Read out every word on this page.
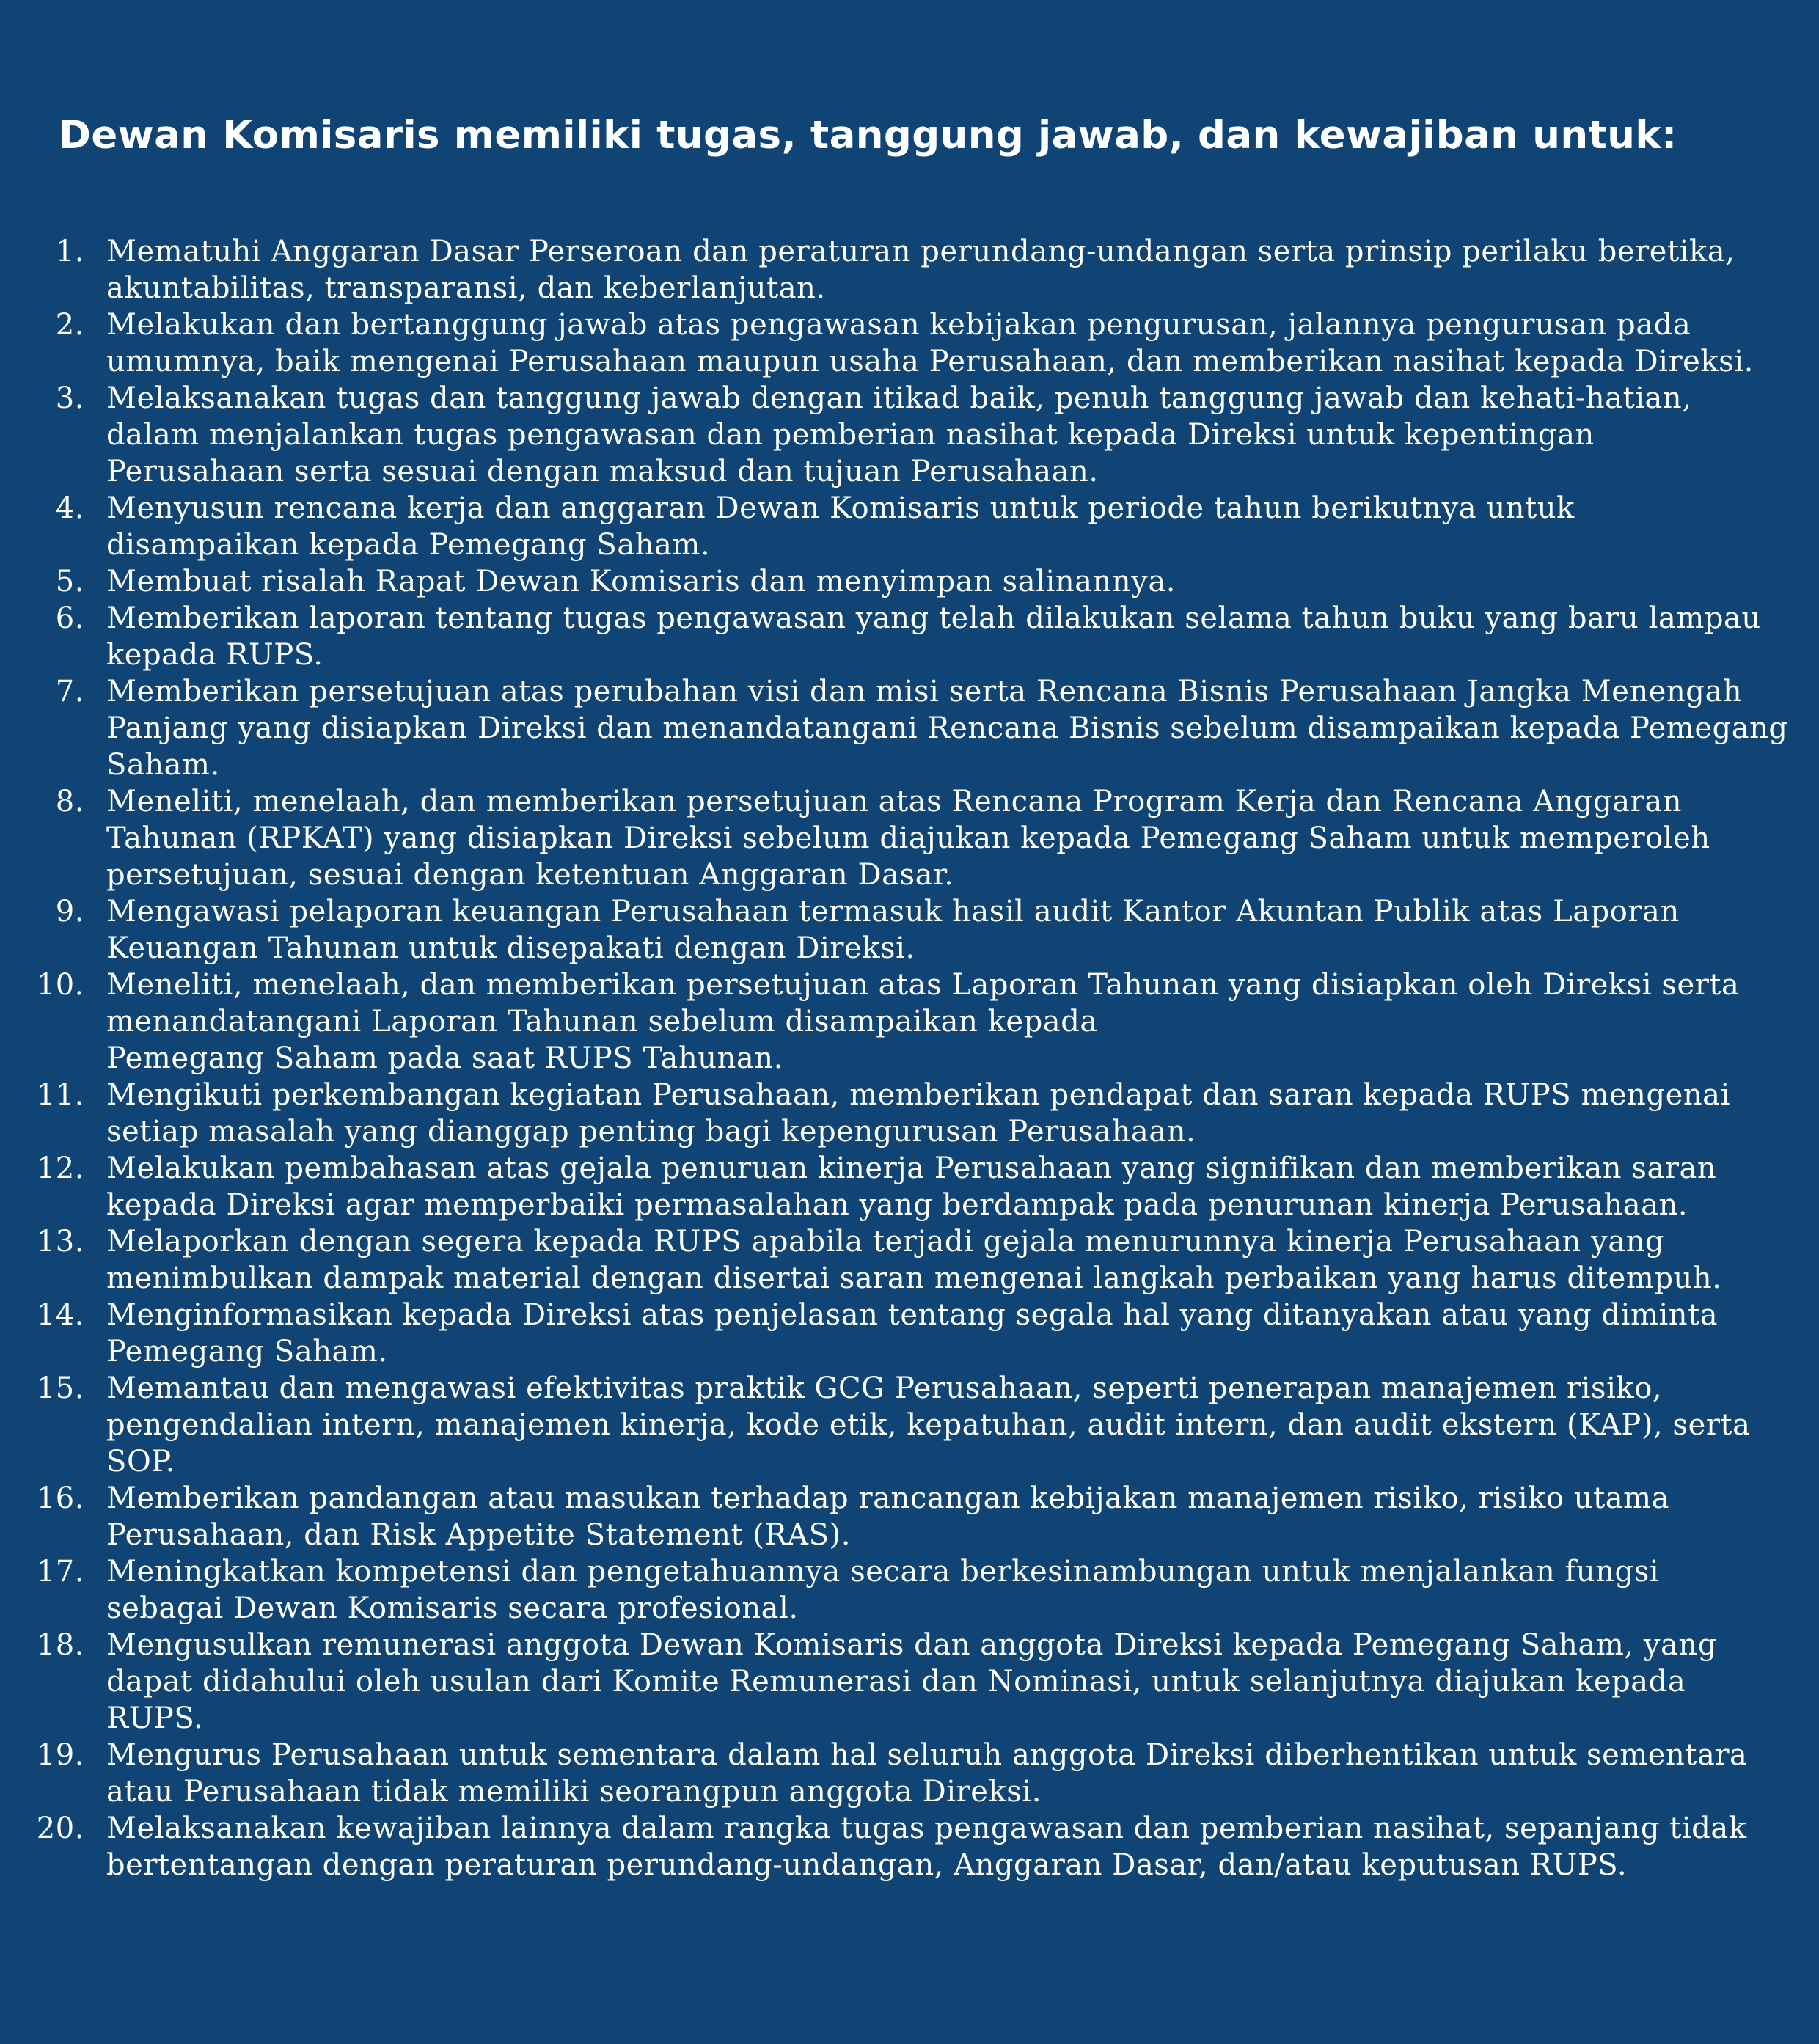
Dewan Komisaris memiliki tugas, tanggung jawab, dan kewajiban untuk:
1. Mematuhi Anggaran Dasar Perseroan dan peraturan perundang-undangan serta prinsip perilaku beretika,
akuntabilitas, transparansi, dan keberlanjutan.
2. Melakukan dan bertanggung jawab atas pengawasan kebijakan pengurusan, jalannya pengurusan pada
umumnya, baik mengenai Perusahaan maupun usaha Perusahaan, dan memberikan nasihat kepada Direksi.
3. Melaksanakan tugas dan tanggung jawab dengan itikad baik, penuh tanggung jawab dan kehati-hatian,
dalam menjalankan tugas pengawasan dan pemberian nasihat kepada Direksi untuk kepentingan
Perusahaan serta sesuai dengan maksud dan tujuan Perusahaan.
4. Menyusun rencana kerja dan anggaran Dewan Komisaris untuk periode tahun berikutnya untuk
disampaikan kepada Pemegang Saham.
5. Membuat risalah Rapat Dewan Komisaris dan menyimpan salinannya.
6. Memberikan laporan tentang tugas pengawasan yang telah dilakukan selama tahun buku yang baru lampau
kepada RUPS.
7. Memberikan persetujuan atas perubahan visi dan misi serta Rencana Bisnis Perusahaan Jangka Menengah
Panjang yang disiapkan Direksi dan menandatangani Rencana Bisnis sebelum disampaikan kepada Pemegang
Saham.
8. Meneliti, menelaah, dan memberikan persetujuan atas Rencana Program Kerja dan Rencana Anggaran
Tahunan (RPKAT) yang disiapkan Direksi sebelum diajukan kepada Pemegang Saham untuk memperoleh
persetujuan, sesuai dengan ketentuan Anggaran Dasar.
9. Mengawasi pelaporan keuangan Perusahaan termasuk hasil audit Kantor Akuntan Publik atas Laporan
Keuangan Tahunan untuk disepakati dengan Direksi.
10. Meneliti, menelaah, dan memberikan persetujuan atas Laporan Tahunan yang disiapkan oleh Direksi serta
menandatangani Laporan Tahunan sebelum disampaikan kepada
Pemegang Saham pada saat RUPS Tahunan.
11. Mengikuti perkembangan kegiatan Perusahaan, memberikan pendapat dan saran kepada RUPS mengenai
setiap masalah yang dianggap penting bagi kepengurusan Perusahaan.
12. Melakukan pembahasan atas gejala penuruan kinerja Perusahaan yang signifikan dan memberikan saran
kepada Direksi agar memperbaiki permasalahan yang berdampak pada penurunan kinerja Perusahaan.
13. Melaporkan dengan segera kepada RUPS apabila terjadi gejala menurunnya kinerja Perusahaan yang
menimbulkan dampak material dengan disertai saran mengenai langkah perbaikan yang harus ditempuh.
14. Menginformasikan kepada Direksi atas penjelasan tentang segala hal yang ditanyakan atau yang diminta
Pemegang Saham.
15. Memantau dan mengawasi efektivitas praktik GCG Perusahaan, seperti penerapan manajemen risiko,
pengendalian intern, manajemen kinerja, kode etik, kepatuhan, audit intern, dan audit ekstern (KAP), serta
SOP.
16. Memberikan pandangan atau masukan terhadap rancangan kebijakan manajemen risiko, risiko utama
Perusahaan, dan Risk Appetite Statement (RAS).
17. Meningkatkan kompetensi dan pengetahuannya secara berkesinambungan untuk menjalankan fungsi
sebagai Dewan Komisaris secara profesional.
18. Mengusulkan remunerasi anggota Dewan Komisaris dan anggota Direksi kepada Pemegang Saham, yang
dapat didahului oleh usulan dari Komite Remunerasi dan Nominasi, untuk selanjutnya diajukan kepada
RUPS.
19. Mengurus Perusahaan untuk sementara dalam hal seluruh anggota Direksi diberhentikan untuk sementara
atau Perusahaan tidak memiliki seorangpun anggota Direksi.
20. Melaksanakan kewajiban lainnya dalam rangka tugas pengawasan dan pemberian nasihat, sepanjang tidak
bertentangan dengan peraturan perundang-undangan, Anggaran Dasar, dan/atau keputusan RUPS.
